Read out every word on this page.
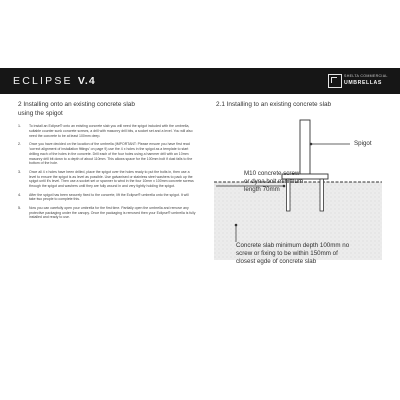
ECLIPSE V.4	SHELTA COMMERCIAL
UMBRELLAS
2 Installing onto an existing concrete slab
using the spigot
1. To install an Eclipse® onto an existing concrete slab you will need the spigot included with the umbrella, suitable counter sunk concrete screws, a drill with masonry drill bits, a socket set and a level. You will also need the concrete to be at least 100mm deep.
2. Once you have decided on the location of the umbrella (IMPORTANT: Please ensure you have first read 'correct alignment of installation fittings' on page 9) use the 4 x holes in the spigot as a template to start drilling each of the holes in the concrete. Drill each of the four holes using a hammer drill with an 10mm masonry drill bit down to a depth of about 110mm. This allows space for the 100mm bolt if dust falls to the bottom of the hole.
3. Once all 4 x holes have been drilled, place the spigot over the holes ready to put the bolts in, then use a level to ensure the spigot is as level as possible. Use galvanised or stainless steel washers to pack up the spigot until it's level. Then use a socket set or spanner to wind in the four 10mm x 100mm concrete screws through the spigot and washers until they are fully wound in and very tightly holding the spigot.
4. After the spigot has been securely fixed to the concrete, lift the Eclipse® umbrella onto the spigot. It will take two people to complete this.
5. Now you can carefully open your umbrella for the first time. Partially open the umbrella and remove any protective packaging under the canopy. Once the packaging is removed then your Eclipse® umbrella is fully installed and ready to use.
2.1 Installing to an existing concrete slab
Spigot
M10 concrete screw
or dyna bolt minimum
length 70mm
Concrete slab minimum depth 100mm no
screw or fixing to be within 150mm of
closest egde of concrete slab
